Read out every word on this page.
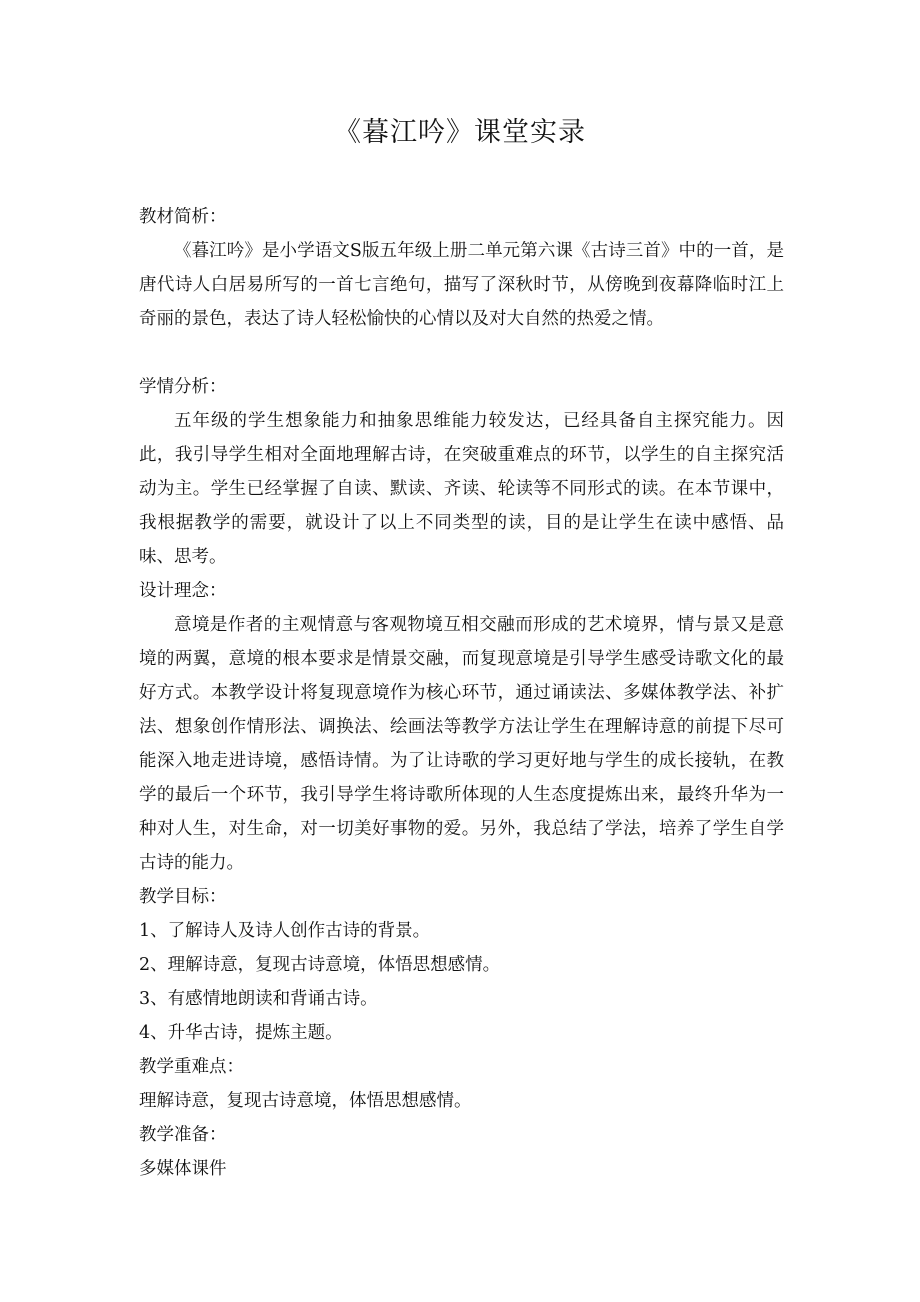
《暮江吟》课堂实录

教材简析：

《暮江吟》是小学语文S版五年级上册二单元第六课《古诗三首》中的一首，是唐代诗人白居易所写的一首七言绝句，描写了深秋时节，从傍晚到夜幕降临时江上奇丽的景色，表达了诗人轻松愉快的心情以及对大自然的热爱之情。

学情分析：

五年级的学生想象能力和抽象思维能力较发达，已经具备自主探究能力。因此，我引导学生相对全面地理解古诗，在突破重难点的环节，以学生的自主探究活动为主。学生已经掌握了自读、默读、齐读、轮读等不同形式的读。在本节课中，我根据教学的需要，就设计了以上不同类型的读，目的是让学生在读中感悟、品味、思考。

设计理念：

意境是作者的主观情意与客观物境互相交融而形成的艺术境界，情与景又是意境的两翼，意境的根本要求是情景交融，而复现意境是引导学生感受诗歌文化的最好方式。本教学设计将复现意境作为核心环节，通过诵读法、多媒体教学法、补扩法、想象创作情形法、调换法、绘画法等教学方法让学生在理解诗意的前提下尽可能深入地走进诗境，感悟诗情。为了让诗歌的学习更好地与学生的成长接轨，在教学的最后一个环节，我引导学生将诗歌所体现的人生态度提炼出来，最终升华为一种对人生，对生命，对一切美好事物的爱。另外，我总结了学法，培养了学生自学古诗的能力。

教学目标：

1、了解诗人及诗人创作古诗的背景。

2、理解诗意，复现古诗意境，体悟思想感情。

3、有感情地朗读和背诵古诗。

4、升华古诗，提炼主题。

教学重难点：

理解诗意，复现古诗意境，体悟思想感情。

教学准备：

多媒体课件
